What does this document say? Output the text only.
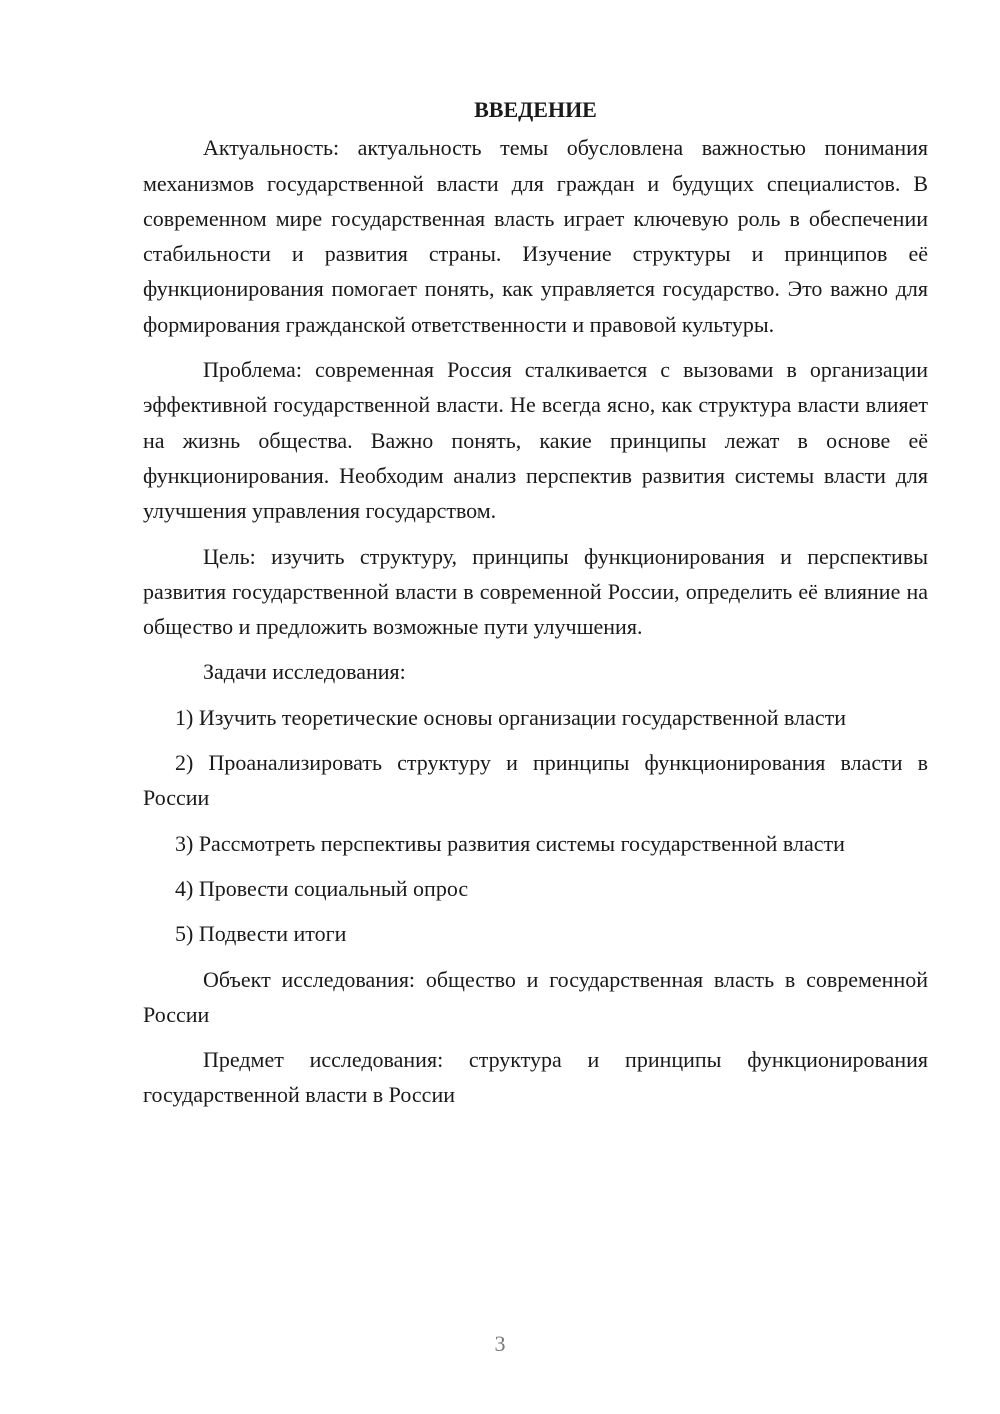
ВВЕДЕНИЕ

Актуальность: актуальность темы обусловлена важностью понимания механизмов государственной власти для граждан и будущих специалистов. В современном мире государственная власть играет ключевую роль в обеспечении стабильности и развития страны. Изучение структуры и принципов её функционирования помогает понять, как управляется государство. Это важно для формирования гражданской ответственности и правовой культуры.

Проблема: современная Россия сталкивается с вызовами в организации эффективной государственной власти. Не всегда ясно, как структура власти влияет на жизнь общества. Важно понять, какие принципы лежат в основе её функционирования. Необходим анализ перспектив развития системы власти для улучшения управления государством.

Цель: изучить структуру, принципы функционирования и перспективы развития государственной власти в современной России, определить её влияние на общество и предложить возможные пути улучшения.

Задачи исследования:

1) Изучить теоретические основы организации государственной власти

2) Проанализировать структуру и принципы функционирования власти в России

3) Рассмотреть перспективы развития системы государственной власти

4) Провести социальный опрос

5) Подвести итоги

Объект исследования: общество и государственная власть в современной России

Предмет исследования: структура и принципы функционирования государственной власти в России

3
